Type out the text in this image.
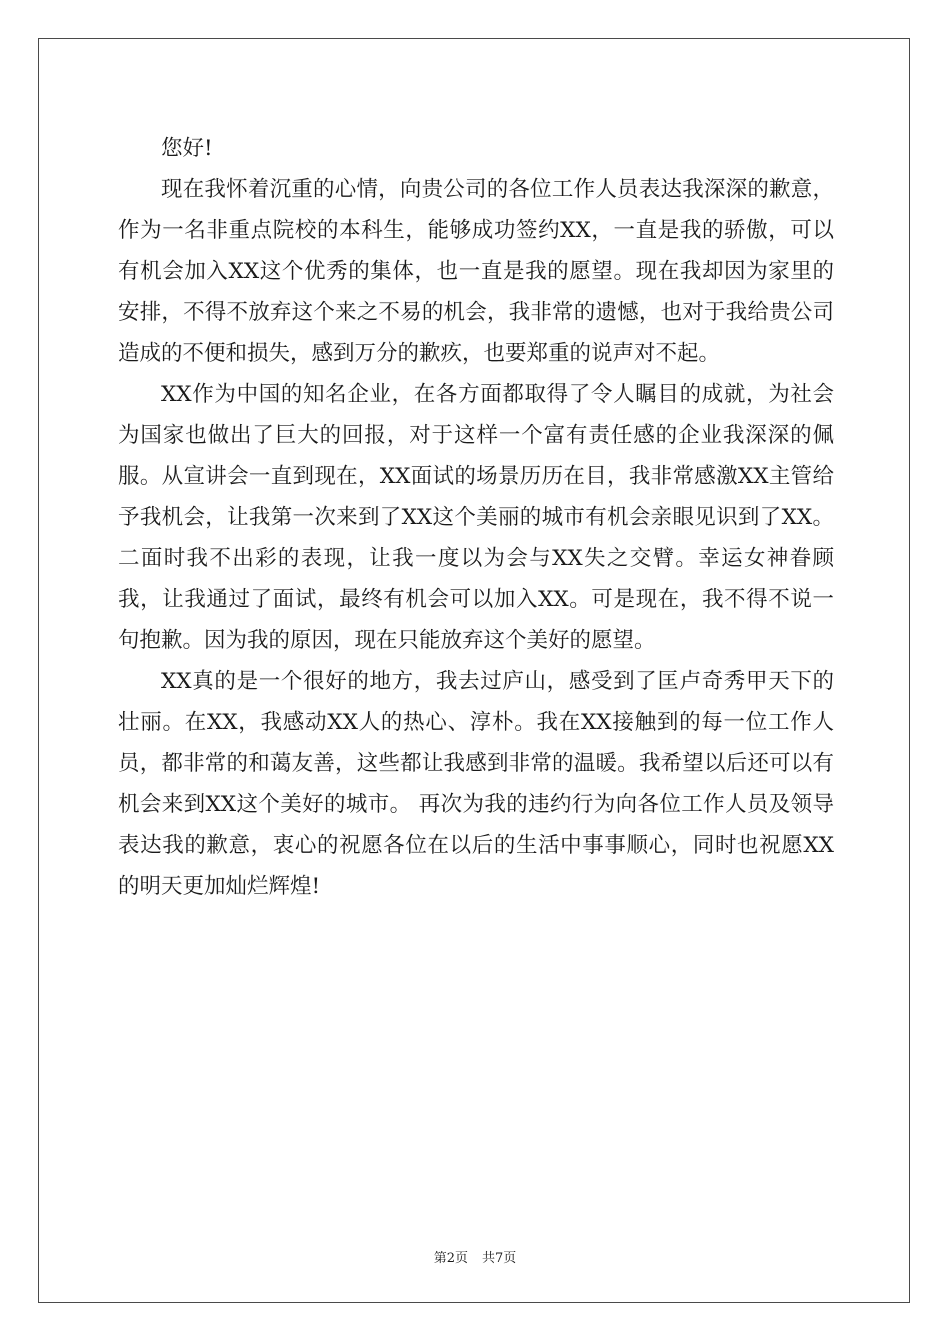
您好!

现在我怀着沉重的心情，向贵公司的各位工作人员表达我深深的歉意，作为一名非重点院校的本科生，能够成功签约XX，一直是我的骄傲，可以有机会加入XX这个优秀的集体，也一直是我的愿望。现在我却因为家里的安排，不得不放弃这个来之不易的机会，我非常的遗憾，也对于我给贵公司造成的不便和损失，感到万分的歉疚，也要郑重的说声对不起。

XX作为中国的知名企业，在各方面都取得了令人瞩目的成就，为社会为国家也做出了巨大的回报，对于这样一个富有责任感的企业我深深的佩服。从宣讲会一直到现在，XX面试的场景历历在目，我非常感激XX主管给予我机会，让我第一次来到了XX这个美丽的城市有机会亲眼见识到了XX。二面时我不出彩的表现，让我一度以为会与XX失之交臂。幸运女神眷顾我，让我通过了面试，最终有机会可以加入XX。可是现在，我不得不说一句抱歉。因为我的原因，现在只能放弃这个美好的愿望。

XX真的是一个很好的地方，我去过庐山，感受到了匡卢奇秀甲天下的壮丽。在XX，我感动XX人的热心、淳朴。我在XX接触到的每一位工作人员，都非常的和蔼友善，这些都让我感到非常的温暖。我希望以后还可以有机会来到XX这个美好的城市。 再次为我的违约行为向各位工作人员及领导表达我的歉意，衷心的祝愿各位在以后的生活中事事顺心，同时也祝愿XX的明天更加灿烂辉煌!

第2页 共7页
